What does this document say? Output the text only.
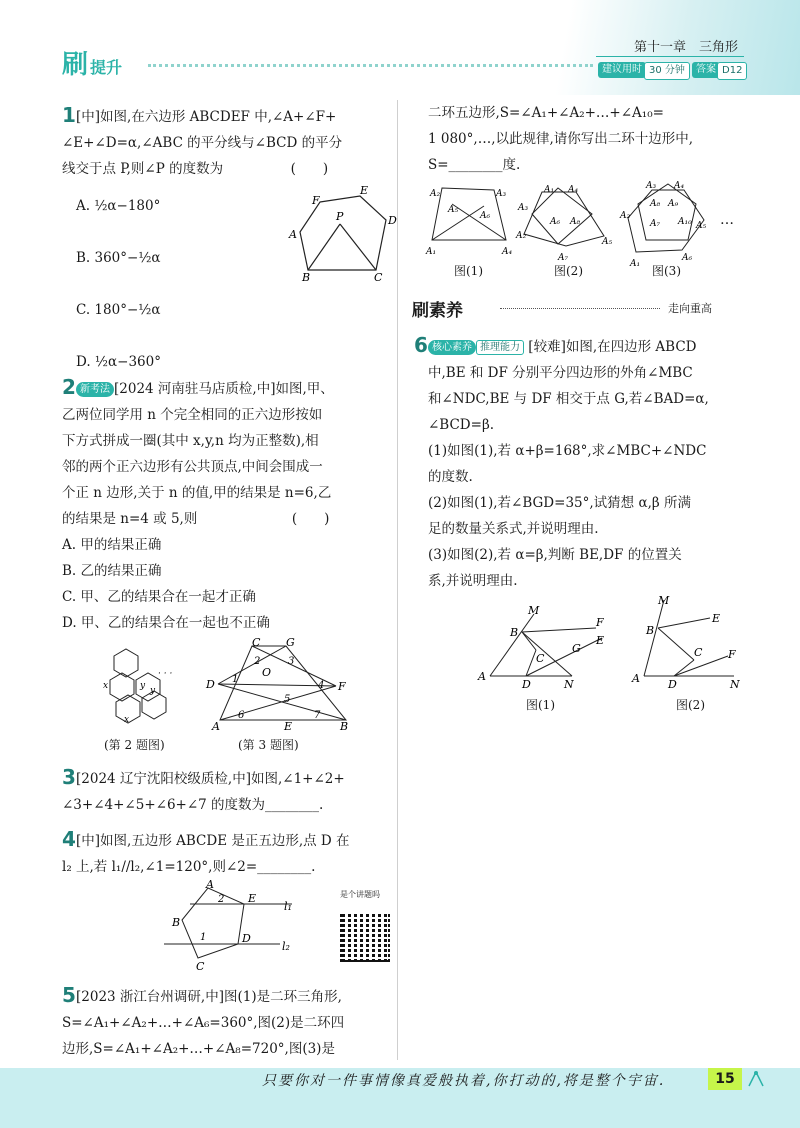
刷提升
第十一章　三角形
建议用时 30 分钟	答案 D12
1 [中]如图,在六边形 ABCDEF 中,∠A+∠F+

∠E+∠D=α,∠ABC 的平分线与∠BCD 的平分

线交于点 P,则∠P 的度数为　　　　　(　　)

A. ½α−180°

B. 360°−½α

C. 180°−½α

D. ½α−360°

F
E
D
A
B	C
P
2 新考法 [2024 河南驻马店质检,中]如图,甲、

乙两位同学用 n 个完全相同的正六边形按如

下方式拼成一圈(其中 x,y,n 均为正整数),相

邻的两个正六边形有公共顶点,中间会围成一

个正 n 边形,关于 n 的值,甲的结果是 n=6,乙

的结果是 n=4 或 5,则　　　　　　　(　　)

A. 甲的结果正确

B. 乙的结果正确

C. 甲、乙的结果合在一起才正确

D. 甲、乙的结果合在一起也不正确

x	y y
x
· · ·
(第 2 题图)
C G
D	F
A	E	B
O
1
2	3
4
5
6	7
(第 3 题图)
3 [2024 辽宁沈阳校级质检,中]如图,∠1+∠2+

∠3+∠4+∠5+∠6+∠7 的度数为________.

4 [中]如图,五边形 ABCDE 是正五边形,点 D 在

l₂ 上,若 l₁//l₂,∠1=120°,则∠2=________.

A
E
B
D
C
l₁
l₂
2
1
是个讲题吗
5 [2023 浙江台州调研,中]图(1)是二环三角形,

S=∠A₁+∠A₂+…+∠A₆=360°,图(2)是二环四

边形,S=∠A₁+∠A₂+…+∠A₈=720°,图(3)是

二环五边形,S=∠A₁+∠A₂+…+∠A₁₀=

1 080°,…,以此规律,请你写出二环十边形中,

S=________度.

A₂	A₃
A₅
A₆
A₁	A₄
图(1)
A₁ A₄
A₃
A₆ A₈
A₂
A₅
A₇
图(2)
A₃ A₄
A₂
A₈ A₉
A₇ A₁₀ A₅
A₁
A₆
图(3)
…
刷素养	走向重高
6 核心素养 推理能力 [较难]如图,在四边形 ABCD

中,BE 和 DF 分别平分四边形的外角∠MBC

和∠NDC,BE 与 DF 相交于点 G,若∠BAD=α,

∠BCD=β.

(1)如图(1),若 α+β=168°,求∠MBC+∠NDC

的度数.

(2)如图(1),若∠BGD=35°,试猜想 α,β 所满

足的数量关系式,并说明理由.

(3)如图(2),若 α=β,判断 BE,DF 的位置关

系,并说明理由.

M
B
F
E
G
C
A
D	N
图(1)
M
B
E
C F
A	D	N
图(2)
只要你对一件事情像真爱般执着,你打动的,将是整个宇宙.	15
